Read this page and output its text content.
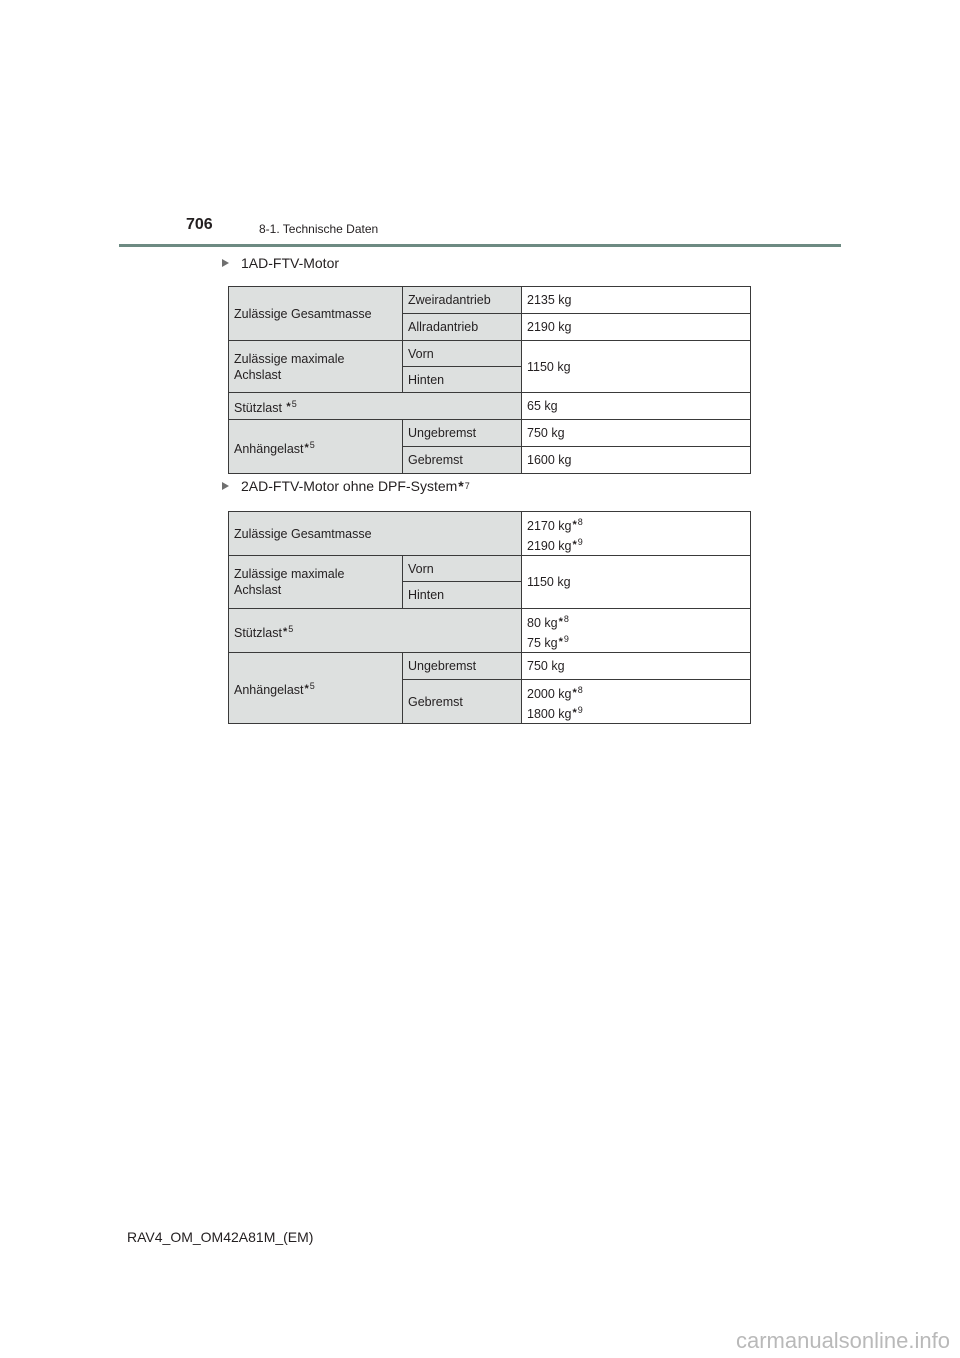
706	8-1. Technische Daten
1AD-FTV-Motor
Zulässige Gesamtmasse	Zweiradantrieb	2135 kg
	Allradantrieb	2190 kg
Zulässige maximale
Achslast	Vorn	1150 kg
	Hinten	
Stützlast *$^5$		65 kg
Anhängelast*$^5$	Ungebremst	750 kg
	Gebremst	1600 kg
2AD-FTV-Motor ohne DPF-System * 7
Zulässige Gesamtmasse		2170 kg*$^8$
2190 kg*$^9$
Zulässige maximale
Achslast	Vorn	1150 kg
	Hinten	
Stützlast*$^5$		80 kg*$^8$
75 kg*$^9$
Anhängelast*$^5$	Ungebremst	750 kg
	Gebremst	2000 kg*$^8$
1800 kg*$^9$
RAV4_OM_OM42A81M_(EM)
carmanualsonline.info
